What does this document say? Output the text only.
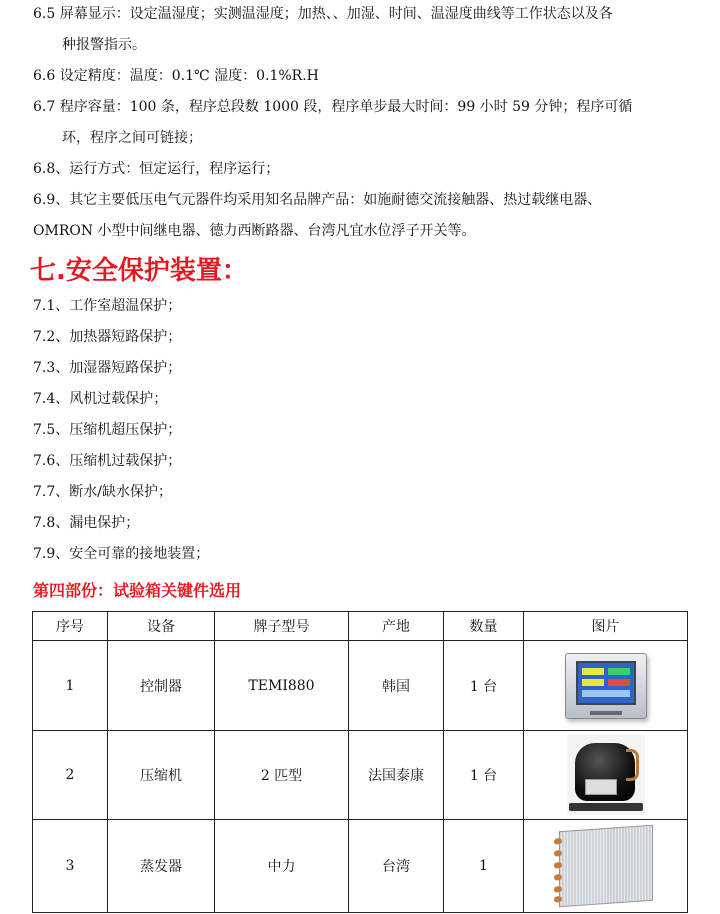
6.5 屏幕显示：设定温湿度；实测温湿度；加热、、加湿、时间、温湿度曲线等工作状态以及各
种报警指示。
6.6 设定精度：温度：0.1℃ 湿度：0.1%R.H
6.7 程序容量：100 条，程序总段数 1000 段，程序单步最大时间：99 小时 59 分钟；程序可循
环，程序之间可链接；
6.8、运行方式：恒定运行，程序运行；
6.9、其它主要低压电气元器件均采用知名品牌产品：如施耐德交流接触器、热过载继电器、
OMRON 小型中间继电器、德力西断路器、台湾凡宜水位浮子开关等。
七.安全保护装置：
7.1、工作室超温保护；
7.2、加热器短路保护；
7.3、加湿器短路保护；
7.4、风机过载保护；
7.5、压缩机超压保护；
7.6、压缩机过载保护；
7.7、断水/缺水保护；
7.8、漏电保护；
7.9、安全可靠的接地装置；
第四部份：试验箱关键件选用
序号	设备	牌子型号	产地	数量	图片
1	控制器	TEMI880	韩国	1 台	

2	压缩机	2 匹型	法国泰康	1 台	

3	蒸发器	中力	台湾	1	
